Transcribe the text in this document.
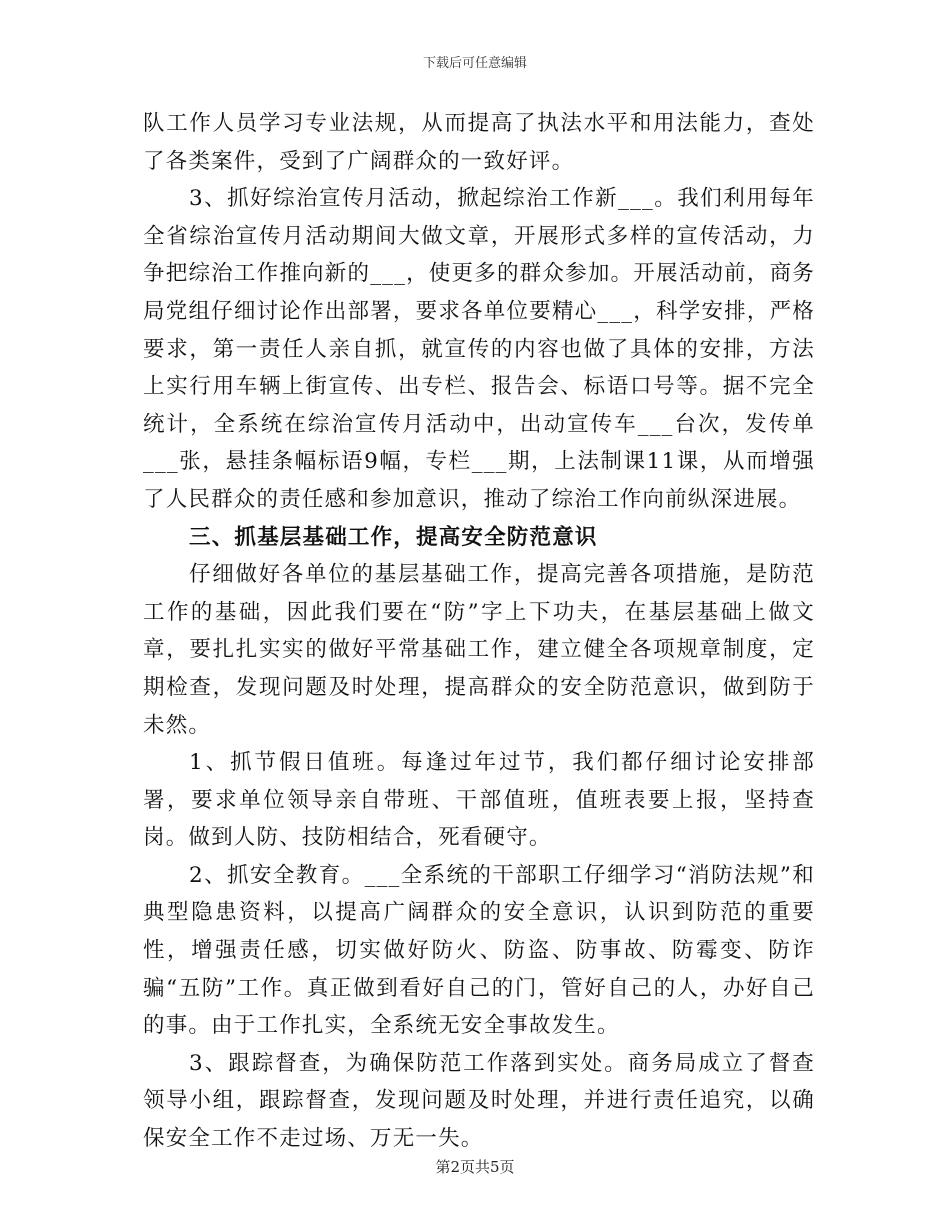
下载后可任意编辑

队工作人员学习专业法规，从而提高了执法水平和用法能力，查处了各类案件，受到了广阔群众的一致好评。

3、抓好综治宣传月活动，掀起综治工作新___。我们利用每年全省综治宣传月活动期间大做文章，开展形式多样的宣传活动，力争把综治工作推向新的___，使更多的群众参加。开展活动前，商务局党组仔细讨论作出部署，要求各单位要精心___，科学安排，严格要求，第一责任人亲自抓，就宣传的内容也做了具体的安排，方法上实行用车辆上街宣传、出专栏、报告会、标语口号等。据不完全统计，全系统在综治宣传月活动中，出动宣传车___台次，发传单___张，悬挂条幅标语9幅，专栏___期，上法制课11课，从而增强了人民群众的责任感和参加意识，推动了综治工作向前纵深进展。

三、抓基层基础工作，提高安全防范意识

仔细做好各单位的基层基础工作，提高完善各项措施，是防范工作的基础，因此我们要在“防”字上下功夫，在基层基础上做文章，要扎扎实实的做好平常基础工作，建立健全各项规章制度，定期检查，发现问题及时处理，提高群众的安全防范意识，做到防于未然。

1、抓节假日值班。每逢过年过节，我们都仔细讨论安排部署，要求单位领导亲自带班、干部值班，值班表要上报，坚持查岗。做到人防、技防相结合，死看硬守。

2、抓安全教育。___全系统的干部职工仔细学习“消防法规”和典型隐患资料，以提高广阔群众的安全意识，认识到防范的重要性，增强责任感，切实做好防火、防盗、防事故、防霉变、防诈骗“五防”工作。真正做到看好自己的门，管好自己的人，办好自己的事。由于工作扎实，全系统无安全事故发生。

3、跟踪督查，为确保防范工作落到实处。商务局成立了督查领导小组，跟踪督查，发现问题及时处理，并进行责任追究，以确保安全工作不走过场、万无一失。

第2页共5页
